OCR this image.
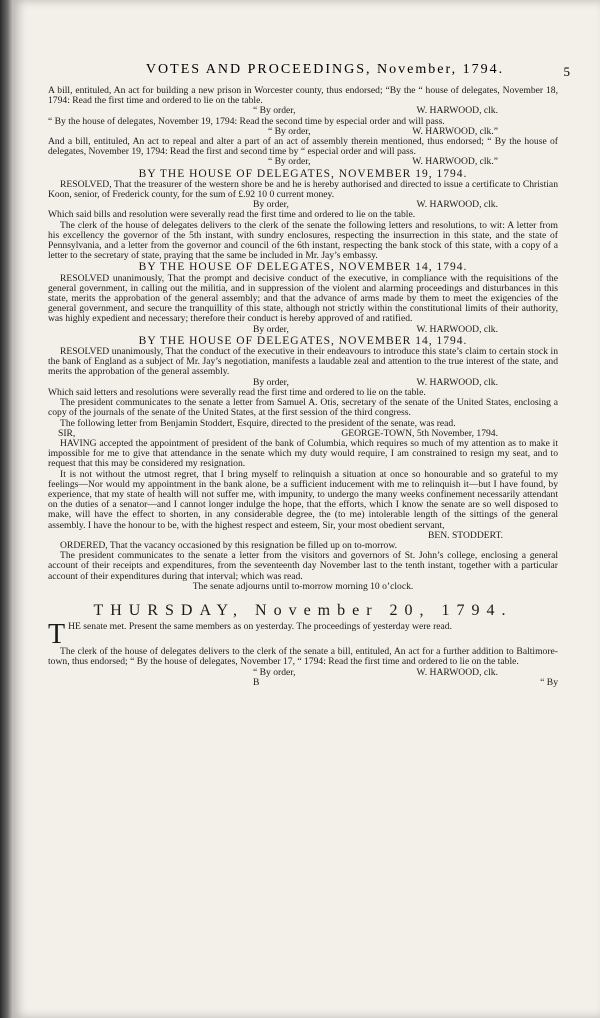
VOTES AND PROCEEDINGS, November, 1794.	5

A bill, entituled, An act for building a new prison in Worcester county, thus endorsed; “By the “ house of delegates, November 18, 1794: Read the first time and ordered to lie on the table.

“ By order,	W. HARWOOD, clk.

“ By the house of delegates, November 19, 1794: Read the second time by especial order and will pass.

“ By order,	W. HARWOOD, clk.”

And a bill, entituled, An act to repeal and alter a part of an act of assembly therein mentioned, thus endorsed; “ By the house of delegates, November 19, 1794: Read the first and second time by “ especial order and will pass.

“ By order,	W. HARWOOD, clk.”
BY THE HOUSE OF DELEGATES, NOVEMBER 19, 1794.

RESOLVED, That the treasurer of the western shore be and he is hereby authorised and directed to issue a certificate to Christian Koon, senior, of Frederick county, for the sum of £.92 10 0 current money.

By order,	W. HARWOOD, clk.

Which said bills and resolution were severally read the first time and ordered to lie on the table.

The clerk of the house of delegates delivers to the clerk of the senate the following letters and resolutions, to wit: A letter from his excellency the governor of the 5th instant, with sundry enclosures, respecting the insurrection in this state, and the state of Pennsylvania, and a letter from the governor and council of the 6th instant, respecting the bank stock of this state, with a copy of a letter to the secretary of state, praying that the same be included in Mr. Jay’s embassy.

BY THE HOUSE OF DELEGATES, NOVEMBER 14, 1794.

RESOLVED unanimously, That the prompt and decisive conduct of the executive, in compliance with the requisitions of the general government, in calling out the militia, and in suppression of the violent and alarming proceedings and disturbances in this state, merits the approbation of the general assembly; and that the advance of arms made by them to meet the exigencies of the general government, and secure the tranquillity of this state, although not strictly within the constitutional limits of their authority, was highly expedient and necessary; therefore their conduct is hereby approved of and ratified.

By order,	W. HARWOOD, clk.
BY THE HOUSE OF DELEGATES, NOVEMBER 14, 1794.

RESOLVED unanimously, That the conduct of the executive in their endeavours to introduce this state’s claim to certain stock in the bank of England as a subject of Mr. Jay’s negotiation, manifests a laudable zeal and attention to the true interest of the state, and merits the approbation of the general assembly.

By order,	W. HARWOOD, clk.

Which said letters and resolutions were severally read the first time and ordered to lie on the table.

The president communicates to the senate a letter from Samuel A. Otis, secretary of the senate of the United States, enclosing a copy of the journals of the senate of the United States, at the first session of the third congress.

The following letter from Benjamin Stoddert, Esquire, directed to the president of the senate, was read.

SIR,	GEORGE-TOWN, 5th November, 1794.

HAVING accepted the appointment of president of the bank of Columbia, which requires so much of my attention as to make it impossible for me to give that attendance in the senate which my duty would require, I am constrained to resign my seat, and to request that this may be considered my resignation.

It is not without the utmost regret, that I bring myself to relinquish a situation at once so honourable and so grateful to my feelings—Nor would my appointment in the bank alone, be a sufficient inducement with me to relinquish it—but I have found, by experience, that my state of health will not suffer me, with impunity, to undergo the many weeks confinement necessarily attendant on the duties of a senator—and I cannot longer indulge the hope, that the efforts, which I know the senate are so well disposed to make, will have the effect to shorten, in any considerable degree, the (to me) intolerable length of the sittings of the general assembly. I have the honour to be, with the highest respect and esteem, Sir, your most obedient servant,

BEN. STODDERT.

ORDERED, That the vacancy occasioned by this resignation be filled up on to-morrow.

The president communicates to the senate a letter from the visitors and governors of St. John’s college, enclosing a general account of their receipts and expenditures, from the seventeenth day November last to the tenth instant, together with a particular account of their expenditures during that interval; which was read.

The senate adjourns until to-morrow morning 10 o’clock.

THURSDAY, November 20, 1794.

T HE senate met. Present the same members as on yesterday. The proceedings of yesterday were read.

The clerk of the house of delegates delivers to the clerk of the senate a bill, entituled, An act for a further addition to Baltimore-town, thus endorsed; “ By the house of delegates, November 17, “ 1794: Read the first time and ordered to lie on the table.

“ By order,	W. HARWOOD, clk.
B	“ By
